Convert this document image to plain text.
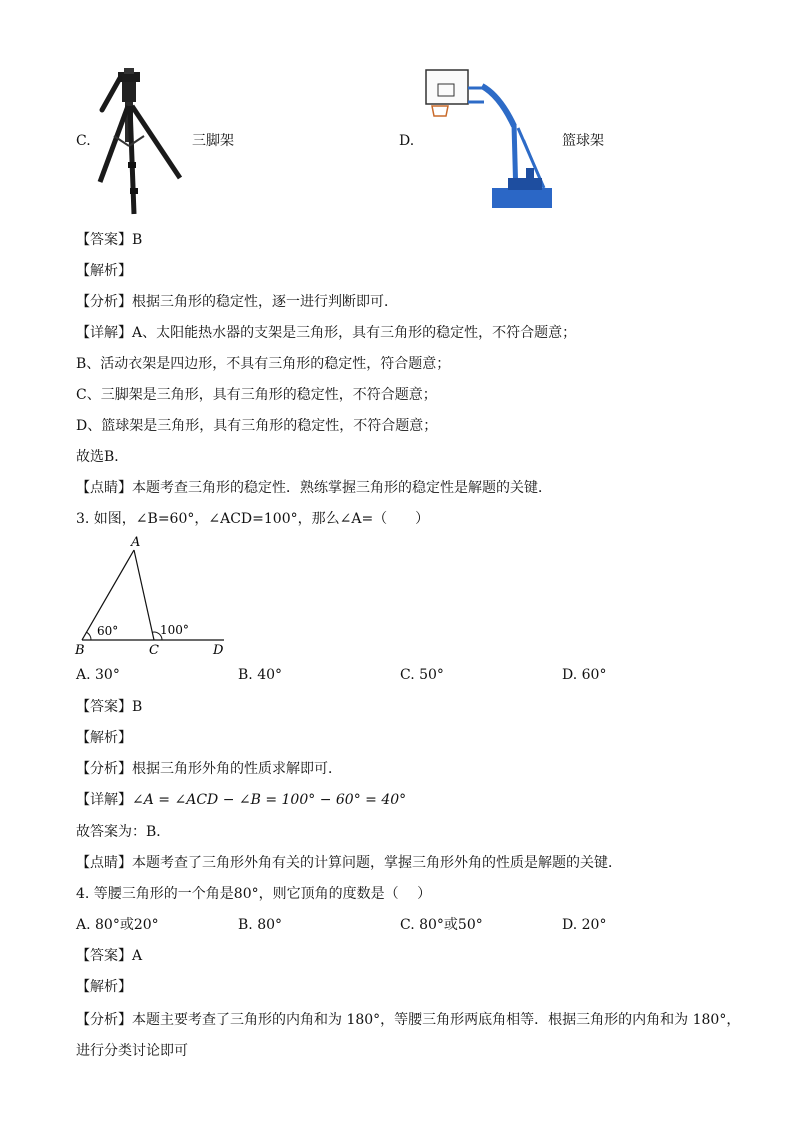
C.	三脚架	D.	篮球架
【答案】B
【解析】
【分析】根据三角形的稳定性，逐一进行判断即可．
【详解】A、太阳能热水器的支架是三角形，具有三角形的稳定性，不符合题意；
B、活动衣架是四边形，不具有三角形的稳定性，符合题意；
C、三脚架是三角形，具有三角形的稳定性，不符合题意；
D、篮球架是三角形，具有三角形的稳定性，不符合题意；
故选B．
【点睛】本题考查三角形的稳定性．熟练掌握三角形的稳定性是解题的关键．
3. 如图，∠B=60°，∠ACD=100°，那么∠A=（　　）
A
B	C	D
60°	100°
A. 30°	B. 40°	C. 50°	D. 60°
【答案】B
【解析】
【分析】根据三角形外角的性质求解即可．
【详解】∠A = ∠ACD − ∠B = 100° − 60° = 40°
故答案为：B．
【点睛】本题考查了三角形外角有关的计算问题，掌握三角形外角的性质是解题的关键．
4. 等腰三角形的一个角是80°，则它顶角的度数是（　 ）
A. 80°或20°	B. 80°	C. 80°或50°	D. 20°
【答案】A
【解析】
【分析】本题主要考查了三角形的内角和为 180°，等腰三角形两底角相等．根据三角形的内角和为 180°，
进行分类讨论即可
